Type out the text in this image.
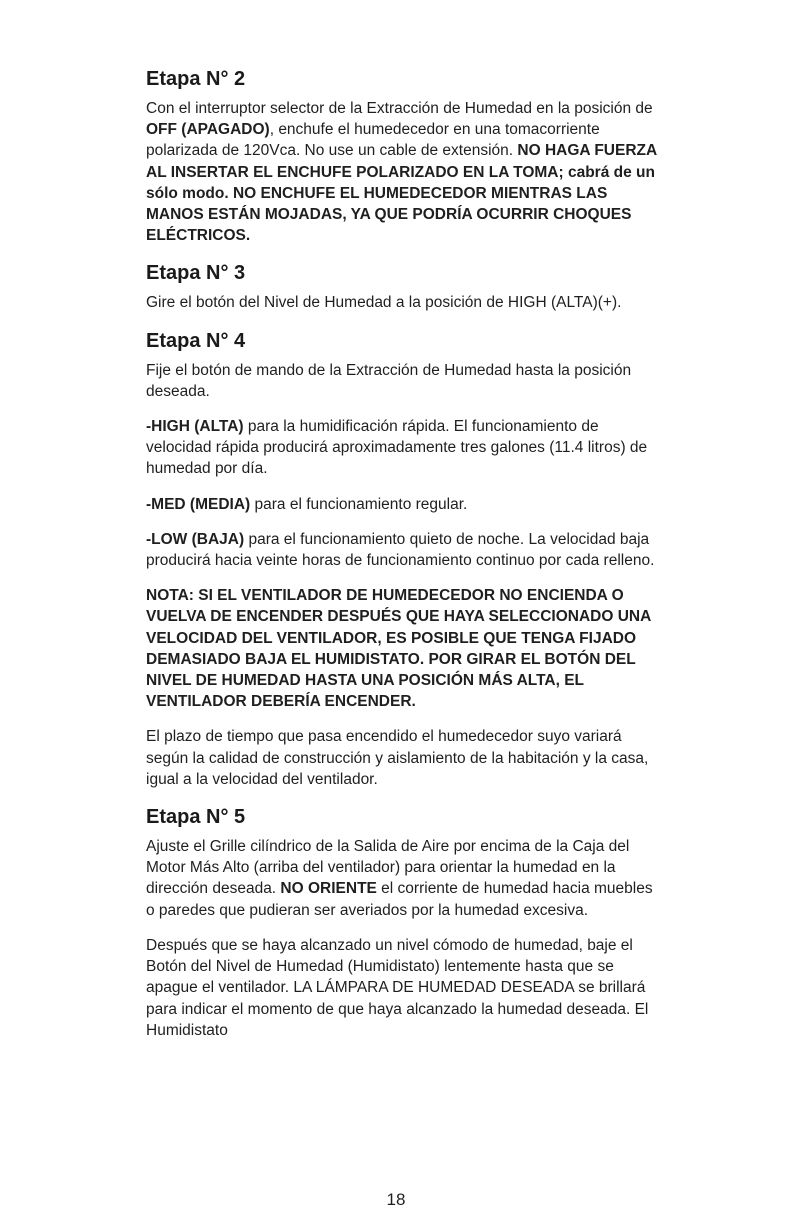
Etapa N° 2

Con el interruptor selector de la Extracción de Humedad en la posición de OFF (APAGADO), enchufe el humedecedor en una tomacorriente polarizada de 120Vca. No use un cable de extensión. NO HAGA FUERZA AL INSERTAR EL ENCHUFE POLARIZADO EN LA TOMA; cabrá de un sólo modo. NO ENCHUFE EL HUMEDECEDOR MIENTRAS LAS MANOS ESTÁN MOJADAS, YA QUE PODRÍA OCURRIR CHOQUES ELÉCTRICOS.

Etapa N° 3

Gire el botón del Nivel de Humedad a la posición de HIGH (ALTA)(+).

Etapa N° 4

Fije el botón de mando de la Extracción de Humedad hasta la posición deseada.

-HIGH (ALTA) para la humidificación rápida. El funcionamiento de velocidad rápida producirá aproximadamente tres galones (11.4 litros) de humedad por día.

-MED (MEDIA) para el funcionamiento regular.

-LOW (BAJA) para el funcionamiento quieto de noche. La velocidad baja producirá hacia veinte horas de funcionamiento continuo por cada relleno.

NOTA: SI EL VENTILADOR DE HUMEDECEDOR NO ENCIENDA O VUELVA DE ENCENDER DESPUÉS QUE HAYA SELECCIONADO UNA VELOCIDAD DEL VENTILADOR, ES POSIBLE QUE TENGA FIJADO DEMASIADO BAJA EL HUMIDISTATO. POR GIRAR EL BOTÓN DEL NIVEL DE HUMEDAD HASTA UNA POSICIÓN MÁS ALTA, EL VENTILADOR DEBERÍA ENCENDER.

El plazo de tiempo que pasa encendido el humedecedor suyo variará según la calidad de construcción y aislamiento de la habitación y la casa, igual a la velocidad del ventilador.

Etapa N° 5

Ajuste el Grille cilíndrico de la Salida de Aire por encima de la Caja del Motor Más Alto (arriba del ventilador) para orientar la humedad en la dirección deseada. NO ORIENTE el corriente de humedad hacia muebles o paredes que pudieran ser averiados por la humedad excesiva.

Después que se haya alcanzado un nivel cómodo de humedad, baje el Botón del Nivel de Humedad (Humidistato) lentemente hasta que se apague el ventilador. LA LÁMPARA DE HUMEDAD DESEADA se brillará para indicar el momento de que haya alcanzado la humedad deseada. El Humidistato

18
